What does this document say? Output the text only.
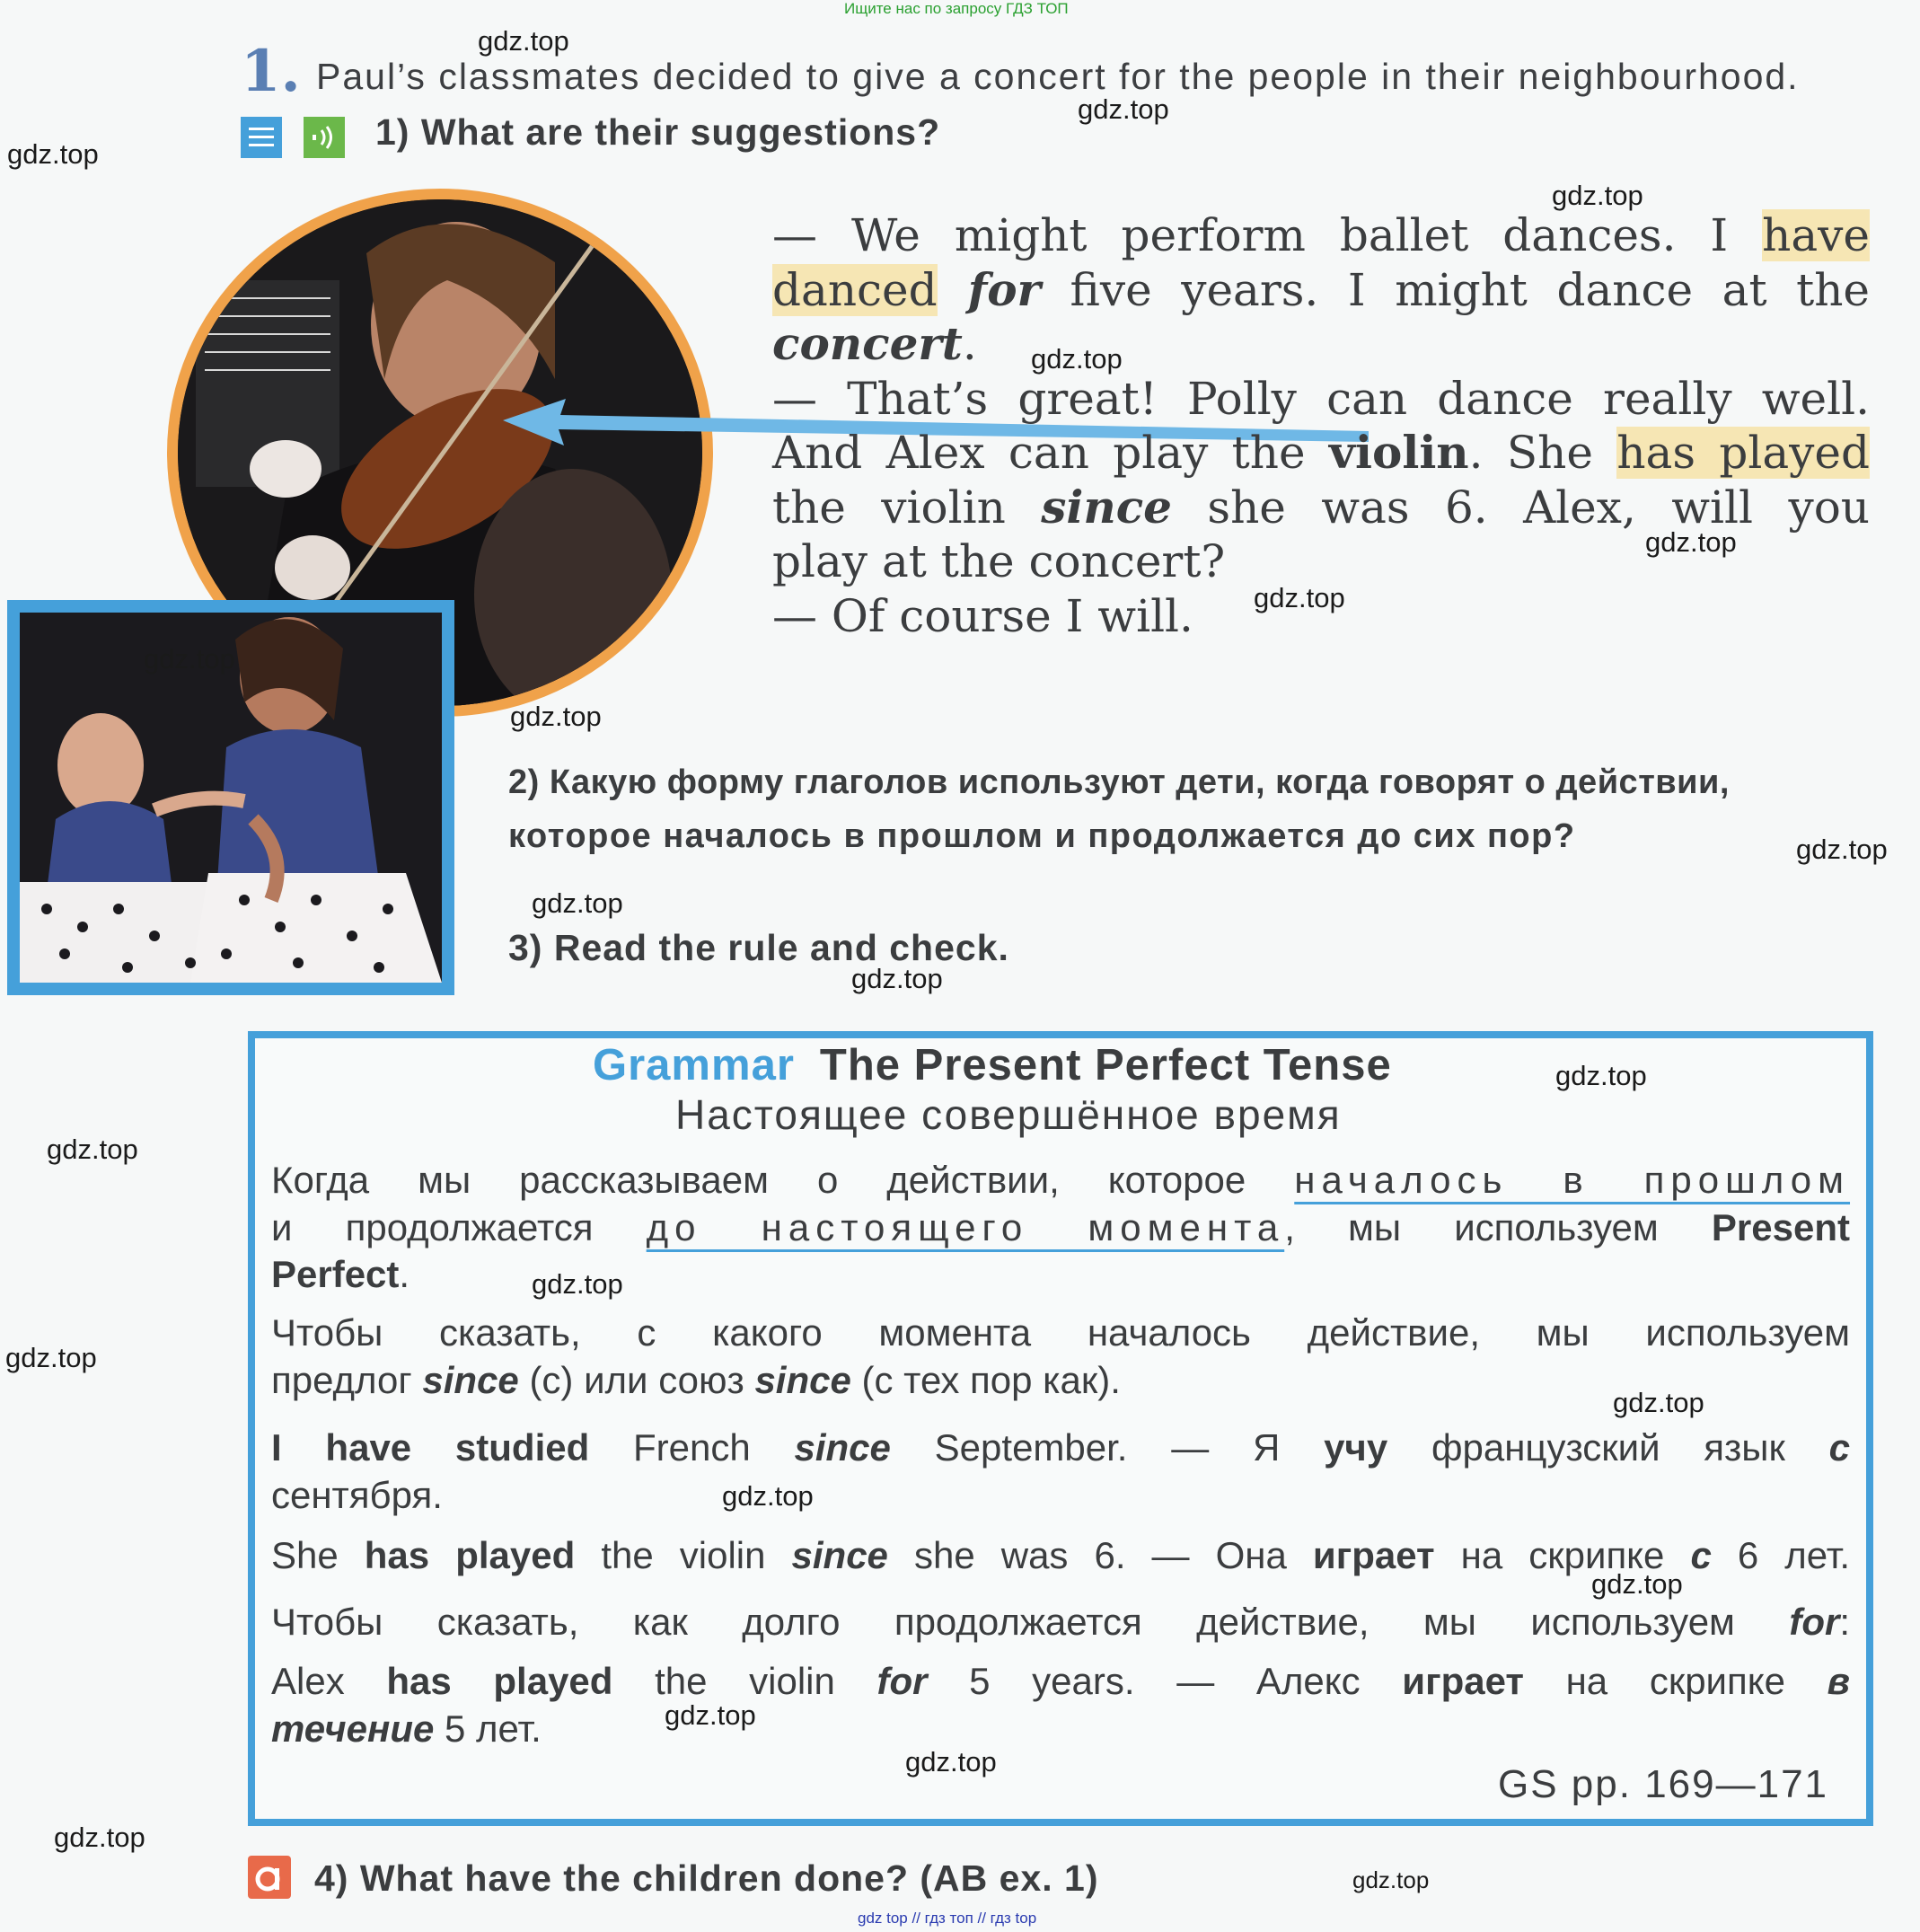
Ищите нас по запросу ГДЗ ТОП
gdz top // гдз топ // гдз top
1. Paul’s classmates decided to give a concert for the people in their neighbourhood.
1) What are their suggestions?
— We might perform ballet dances. I have
danced for five years. I might dance at the
concert.
— That’s great! Polly can dance really well.
And Alex can play the violin. She has played
the violin since she was 6. Alex, will you
play at the concert?
— Of course I will.
2) Какую форму глаголов используют дети, когда говорят о действии,
которое началось в прошлом и продолжается до сих пор?
3) Read the rule and check.
Grammar The Present Perfect Tense
Настоящее совершённое время
Когда мы рассказываем о действии, которое началось в прошлом
и продолжается до настоящего момента, мы используем Present
Perfect.
Чтобы сказать, с какого момента началось действие, мы используем
предлог since (с) или союз since (с тех пор как).
I have studied French since September. — Я учу французский язык с
сентября.
She has played the violin since she was 6. — Она играет на скрипке с 6 лет.
Чтобы сказать, как долго продолжается действие, мы используем for:
Alex has played the violin for 5 years. — Алекс играет на скрипке в
течение 5 лет.
GS pp. 169—171
4) What have the children done? (AB ex. 1)
gdz.top
gdz.top
gdz.top
gdz.top
gdz.top
gdz.top
gdz.top
gdz.top
gdz.top
gdz.top
gdz.top
gdz.top
gdz.top
gdz.top
gdz.top
gdz.top
gdz.top
gdz.top
gdz.top
gdz.top
gdz.top
gdz.top
gdz.top
